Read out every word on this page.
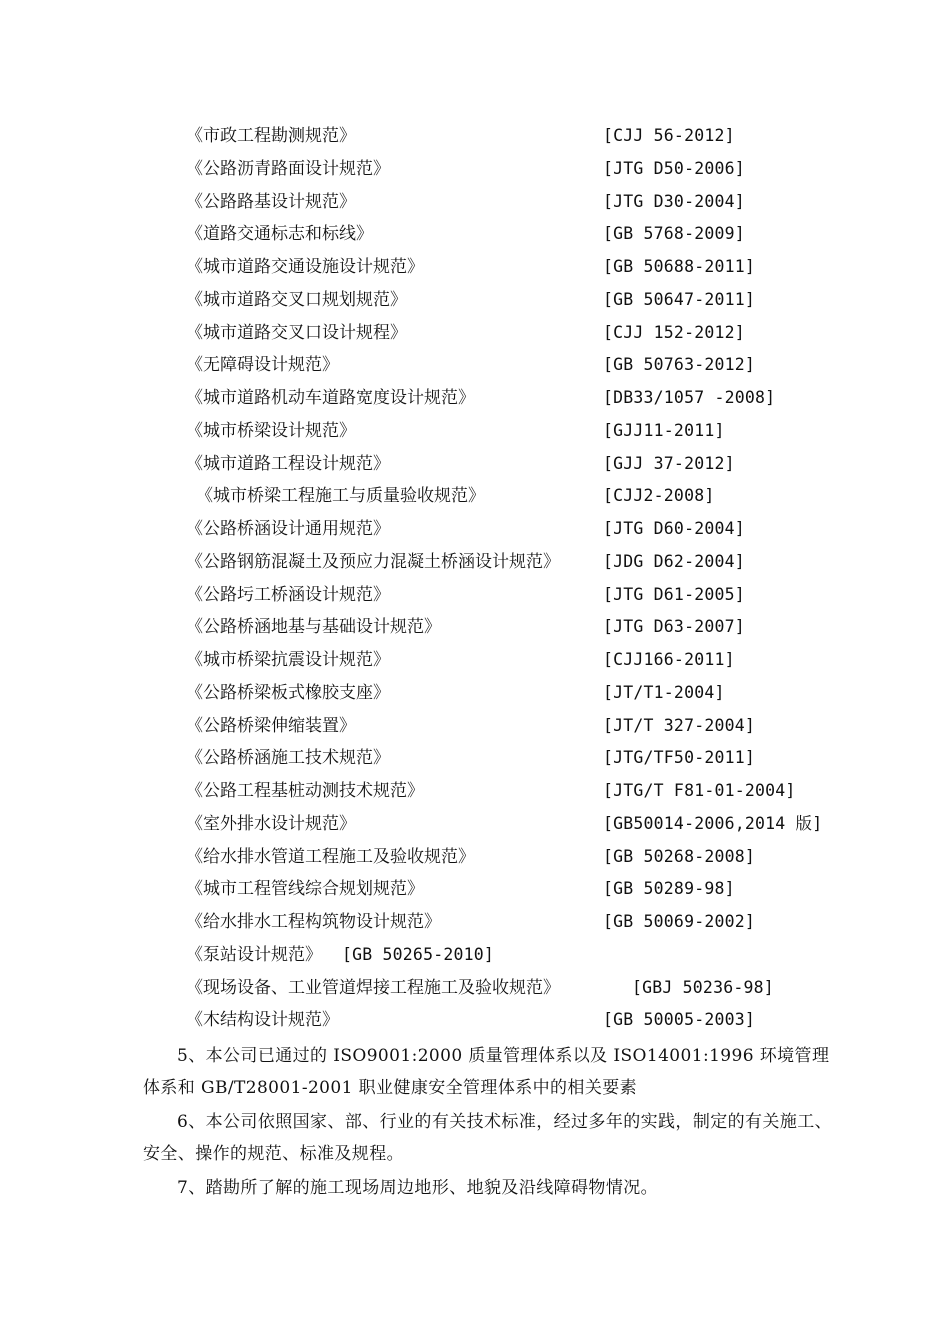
《市政工程勘测规范》	[CJJ 56-2012]
《公路沥青路面设计规范》	[JTG D50-2006]
《公路路基设计规范》	[JTG D30-2004]
《道路交通标志和标线》	[GB 5768-2009]
《城市道路交通设施设计规范》	[GB 50688-2011]
《城市道路交叉口规划规范》	[GB 50647-2011]
《城市道路交叉口设计规程》	[CJJ 152-2012]
《无障碍设计规范》	[GB 50763-2012]
《城市道路机动车道路宽度设计规范》	[DB33/1057 -2008]
《城市桥梁设计规范》	[GJJ11-2011]
《城市道路工程设计规范》	[GJJ 37-2012]
《城市桥梁工程施工与质量验收规范》	[CJJ2-2008]
《公路桥涵设计通用规范》	[JTG D60-2004]
《公路钢筋混凝土及预应力混凝土桥涵设计规范》	[JDG D62-2004]
《公路圬工桥涵设计规范》	[JTG D61-2005]
《公路桥涵地基与基础设计规范》	[JTG D63-2007]
《城市桥梁抗震设计规范》	[CJJ166-2011]
《公路桥梁板式橡胶支座》	[JT/T1-2004]
《公路桥梁伸缩装置》	[JT/T 327-2004]
《公路桥涵施工技术规范》	[JTG/TF50-2011]
《公路工程基桩动测技术规范》	[JTG/T F81-01-2004]
《室外排水设计规范》	[GB50014-2006,2014 版]
《给水排水管道工程施工及验收规范》	[GB 50268-2008]
《城市工程管线综合规划规范》	[GB 50289-98]
《给水排水工程构筑物设计规范》	[GB 50069-2002]
《泵站设计规范》 [GB 50265-2010]
《现场设备、工业管道焊接工程施工及验收规范》	[GBJ 50236-98]
《木结构设计规范》	[GB 50005-2003]
5、本公司已通过的 ISO9001:2000 质量管理体系以及 ISO14001:1996 环境管理体系和 GB/T28001-2001 职业健康安全管理体系中的相关要素
6、本公司依照国家、部、行业的有关技术标准，经过多年的实践，制定的有关施工、安全、操作的规范、标准及规程。
7、踏勘所了解的施工现场周边地形、地貌及沿线障碍物情况。
